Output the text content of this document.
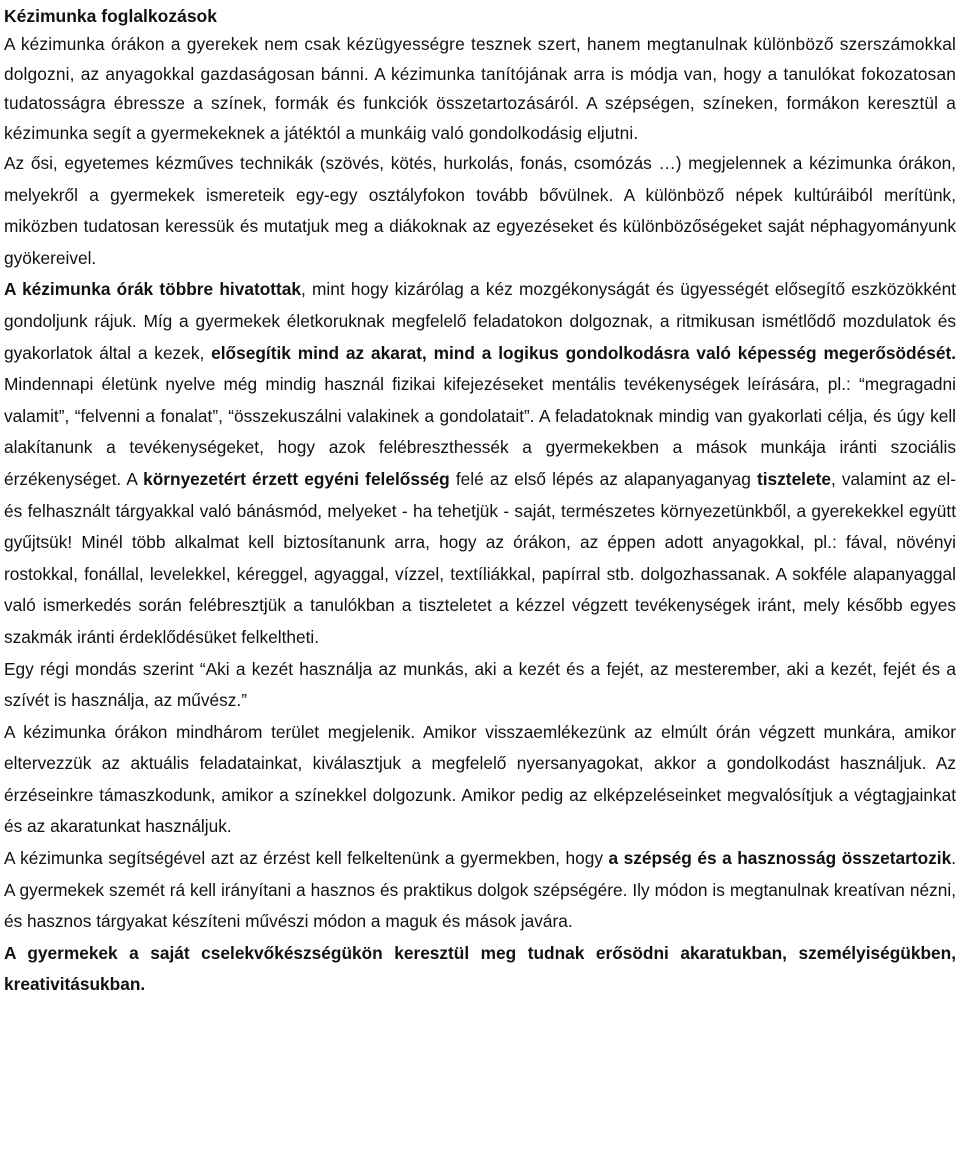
Kézimunka foglalkozások

A kézimunka órákon a gyerekek nem csak kézügyességre tesznek szert, hanem megtanulnak különböző szerszámokkal dolgozni, az anyagokkal gazdaságosan bánni. A kézimunka tanítójának arra is módja van, hogy a tanulókat fokozatosan tudatosságra ébressze a színek, formák és funkciók összetartozásáról. A szépségen, színeken, formákon keresztül a kézimunka segít a gyermekeknek a játéktól a munkáig való gondolkodásig eljutni.

Az ősi, egyetemes kézműves technikák (szövés, kötés, hurkolás, fonás, csomózás …) megjelennek a kézimunka órákon, melyekről a gyermekek ismereteik egy-egy osztályfokon tovább bővülnek. A különböző népek kultúráiból merítünk, miközben tudatosan keressük és mutatjuk meg a diákoknak az egyezéseket és különbözőségeket saját néphagyományunk gyökereivel.

A kézimunka órák többre hivatottak, mint hogy kizárólag a kéz mozgékonyságát és ügyességét elősegítő eszközökként gondoljunk rájuk. Míg a gyermekek életkoruknak megfelelő feladatokon dolgoznak, a ritmikusan ismétlődő mozdulatok és gyakorlatok által a kezek, elősegítik mind az akarat, mind a logikus gondolkodásra való képesség megerősödését. Mindennapi életünk nyelve még mindig használ fizikai kifejezéseket mentális tevékenységek leírására, pl.: “megragadni valamit”, “felvenni a fonalat”, “összekuszálni valakinek a gondolatait”. A feladatoknak mindig van gyakorlati célja, és úgy kell alakítanunk a tevékenységeket, hogy azok felébreszthessék a gyermekekben a mások munkája iránti szociális érzékenységet. A környezetért érzett egyéni felelősség felé az első lépés az alapanyaganyag tisztelete, valamint az el- és felhasznált tárgyakkal való bánásmód, melyeket - ha tehetjük - saját, természetes környezetünkből, a gyerekekkel együtt gyűjtsük! Minél több alkalmat kell biztosítanunk arra, hogy az órákon, az éppen adott anyagokkal, pl.: fával, növényi rostokkal, fonállal, levelekkel, kéreggel, agyaggal, vízzel, textíliákkal, papírral stb. dolgozhassanak. A sokféle alapanyaggal való ismerkedés során felébresztjük a tanulókban a tiszteletet a kézzel végzett tevékenységek iránt, mely később egyes szakmák iránti érdeklődésüket felkeltheti.

Egy régi mondás szerint “Aki a kezét használja az munkás, aki a kezét és a fejét, az mesterember, aki a kezét, fejét és a szívét is használja, az művész.”

A kézimunka órákon mindhárom terület megjelenik. Amikor visszaemlékezünk az elmúlt órán végzett munkára, amikor eltervezzük az aktuális feladatainkat, kiválasztjuk a megfelelő nyersanyagokat, akkor a gondolkodást használjuk. Az érzéseinkre támaszkodunk, amikor a színekkel dolgozunk. Amikor pedig az elképzeléseinket megvalósítjuk a végtagjainkat és az akaratunkat használjuk.

A kézimunka segítségével azt az érzést kell felkeltenünk a gyermekben, hogy a szépség és a hasznosság összetartozik. A gyermekek szemét rá kell irányítani a hasznos és praktikus dolgok szépségére. Ily módon is megtanulnak kreatívan nézni, és hasznos tárgyakat készíteni művészi módon a maguk és mások javára.

A gyermekek a saját cselekvőkészségükön keresztül meg tudnak erősödni akaratukban, személyiségükben, kreativitásukban.
